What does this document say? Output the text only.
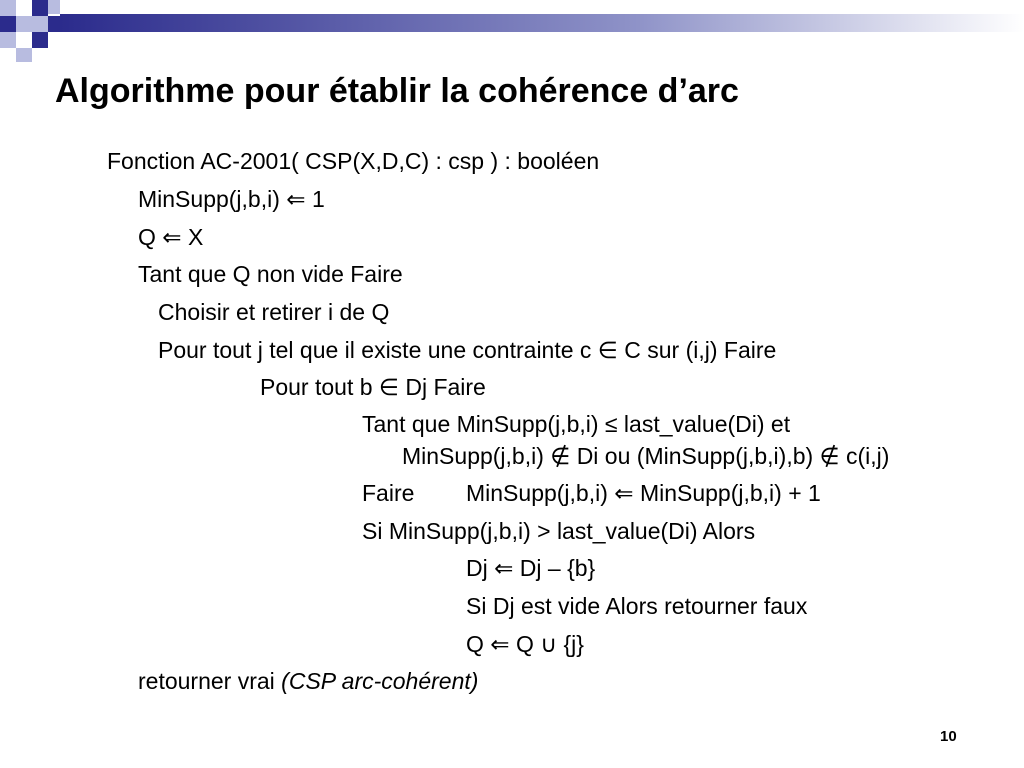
Algorithme pour établir la cohérence d’arc
Fonction AC-2001( CSP(X,D,C) : csp ) : booléen
MinSupp(j,b,i) ⇐ 1
Q ⇐ X
Tant que Q non vide Faire
Choisir et retirer i de Q
Pour tout j tel que il existe une contrainte c ∈ C sur (i,j) Faire
Pour tout b ∈ Dj Faire
Tant que MinSupp(j,b,i) ≤ last_value(Di) et
MinSupp(j,b,i) ∉ Di ou (MinSupp(j,b,i),b) ∉ c(i,j)
Faire MinSupp(j,b,i) ⇐ MinSupp(j,b,i) + 1
Si MinSupp(j,b,i) > last_value(Di) Alors
Dj ⇐ Dj – {b}
Si Dj est vide Alors retourner faux
Q ⇐ Q ∪ {j}
retourner vrai (CSP arc-cohérent)
10
